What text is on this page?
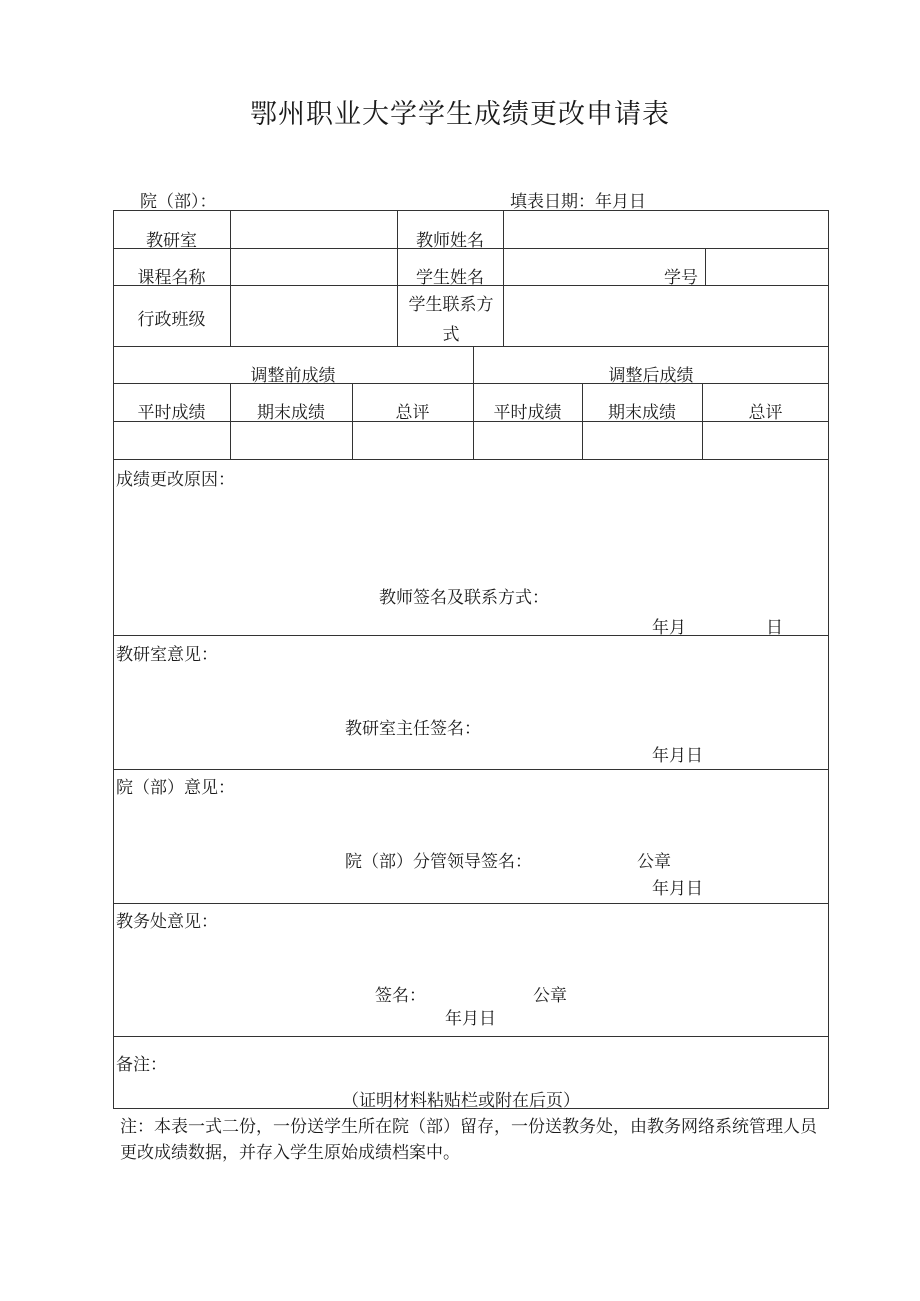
鄂州职业大学学生成绩更改申请表
院（部）：	填表日期：年月日
教研室	教师姓名
课程名称	学生姓名	学号
行政班级
学生联系方式
调整前成绩	调整后成绩
平时成绩	期末成绩	总评	平时成绩	期末成绩	总评
成绩更改原因：
教师签名及联系方式：
年月	日
教研室意见：
教研室主任签名：
年月日
院（部）意见：
院（部）分管领导签名：	公章
年月日
教务处意见：
签名：	公章
年月日
备注：
（证明材料粘贴栏或附在后页）
注：本表一式二份，一份送学生所在院（部）留存，一份送教务处，由教务网络系统管理人员更改成绩数据，并存入学生原始成绩档案中。
